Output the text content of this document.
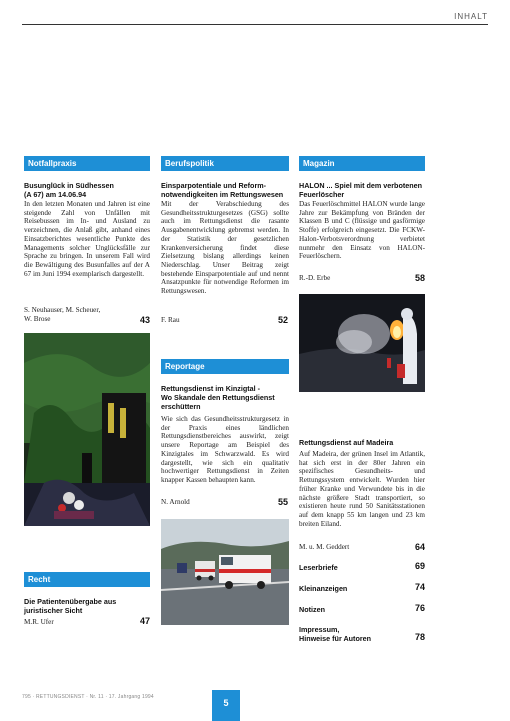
INHALT
Notfallpraxis
Busunglück in Südhessen
(A 67) am 14.06.94
In den letzten Monaten und Jahren ist eine steigende Zahl von Unfällen mit Reisebussen im In- und Ausland zu verzeichnen, die Anlaß gibt, anhand eines Einsatzberichtes wesentliche Punkte des Managements solcher Unglücksfälle zur Sprache zu bringen. In unserem Fall wird die Bewältigung des Busunfalles auf der A 67 im Juni 1994 exemplarisch dargestellt.
S. Neuhauser, M. Scheuer,
W. Brose	43
Recht
Die Patientenübergabe aus
juristischer Sicht
M.R. Ufer	47
Berufspolitik
Einsparpotentiale und Reform-
notwendigkeiten im Rettungswesen
Mit der Verabschiedung des Gesundheitsstrukturgesetzes (GSG) sollte auch im Rettungsdienst die rasante Ausgabenentwicklung gebremst werden. In der Statistik der gesetzlichen Krankenversicherung findet diese Zielsetzung bislang allerdings keinen Niederschlag. Unser Beitrag zeigt bestehende Einsparpotentiale auf und nennt Ansatzpunkte für notwendige Reformen im Rettungswesen.
F. Rau	52
Reportage
Rettungsdienst im Kinzigtal -
Wo Skandale den Rettungsdienst
erschüttern
Wie sich das Gesundheitsstrukturgesetz in der Praxis eines ländlichen Rettungsdienstbereiches auswirkt, zeigt unsere Reportage am Beispiel des Kinzigtales im Schwarzwald. Es wird dargestellt, wie sich ein qualitativ hochwertiger Rettungsdienst in Zeiten knapper Kassen behaupten kann.
N. Arnold	55
Magazin
HALON ... Spiel mit dem verbotenen
Feuerlöscher
Das Feuerlöschmittel HALON wurde lange Jahre zur Bekämpfung von Bränden der Klassen B und C (flüssige und gasförmige Stoffe) erfolgreich eingesetzt. Die FCKW-Halon-Verbotsverordnung verbietet nunmehr den Einsatz von HALON-Feuerlöschern.
R.-D. Erbe	58
Rettungsdienst auf Madeira
Auf Madeira, der grünen Insel im Atlantik, hat sich erst in der 80er Jahren ein spezifisches Gesundheits- und Rettungssystem entwickelt. Wurden hier früher Kranke und Verwundete bis in die nächste größere Stadt transportiert, so existieren heute rund 50 Sanitätsstationen auf dem knapp 55 km langen und 23 km breiten Eiland.
M. u. M. Geddert	64
Leserbriefe	69
Kleinanzeigen	74
Notizen	76
Impressum,
Hinweise für Autoren	78
795 · RETTUNGSDIENST · Nr. 11 · 17. Jahrgang 1994
5
